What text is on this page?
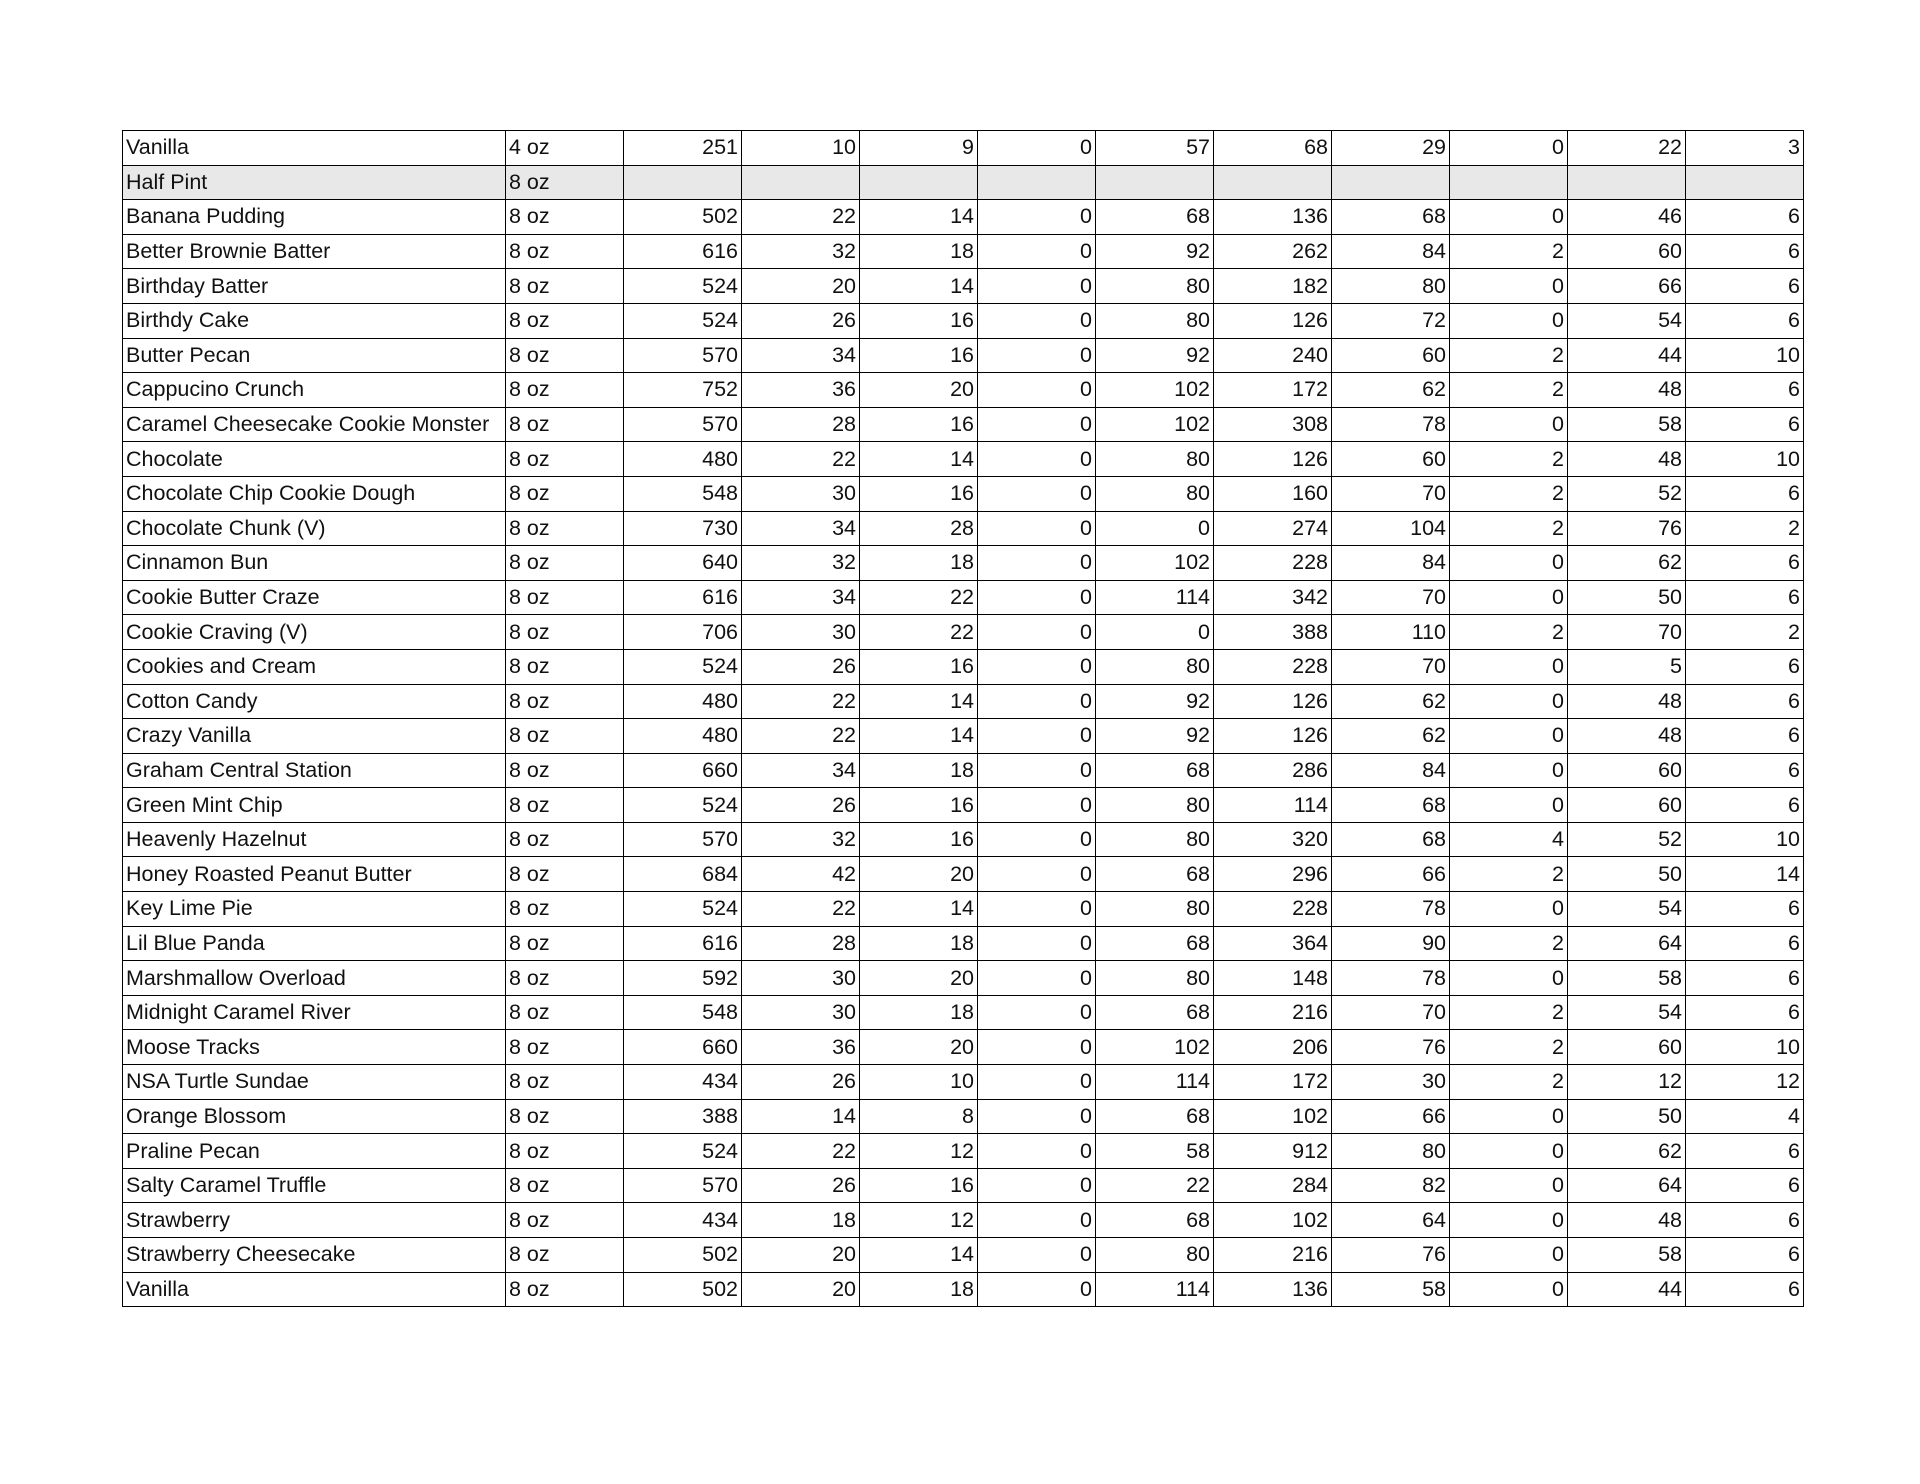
Vanilla	4 oz	251	10	9	0	57	68	29	0	22	3
Half Pint	8 oz										
Banana Pudding	8 oz	502	22	14	0	68	136	68	0	46	6
Better Brownie Batter	8 oz	616	32	18	0	92	262	84	2	60	6
Birthday Batter	8 oz	524	20	14	0	80	182	80	0	66	6
Birthdy Cake	8 oz	524	26	16	0	80	126	72	0	54	6
Butter Pecan	8 oz	570	34	16	0	92	240	60	2	44	10
Cappucino Crunch	8 oz	752	36	20	0	102	172	62	2	48	6
Caramel Cheesecake Cookie Monster	8 oz	570	28	16	0	102	308	78	0	58	6
Chocolate	8 oz	480	22	14	0	80	126	60	2	48	10
Chocolate Chip Cookie Dough	8 oz	548	30	16	0	80	160	70	2	52	6
Chocolate Chunk (V)	8 oz	730	34	28	0	0	274	104	2	76	2
Cinnamon Bun	8 oz	640	32	18	0	102	228	84	0	62	6
Cookie Butter Craze	8 oz	616	34	22	0	114	342	70	0	50	6
Cookie Craving (V)	8 oz	706	30	22	0	0	388	110	2	70	2
Cookies and Cream	8 oz	524	26	16	0	80	228	70	0	5	6
Cotton Candy	8 oz	480	22	14	0	92	126	62	0	48	6
Crazy Vanilla	8 oz	480	22	14	0	92	126	62	0	48	6
Graham Central Station	8 oz	660	34	18	0	68	286	84	0	60	6
Green Mint Chip	8 oz	524	26	16	0	80	114	68	0	60	6
Heavenly Hazelnut	8 oz	570	32	16	0	80	320	68	4	52	10
Honey Roasted Peanut Butter	8 oz	684	42	20	0	68	296	66	2	50	14
Key Lime Pie	8 oz	524	22	14	0	80	228	78	0	54	6
Lil Blue Panda	8 oz	616	28	18	0	68	364	90	2	64	6
Marshmallow Overload	8 oz	592	30	20	0	80	148	78	0	58	6
Midnight Caramel River	8 oz	548	30	18	0	68	216	70	2	54	6
Moose Tracks	8 oz	660	36	20	0	102	206	76	2	60	10
NSA Turtle Sundae	8 oz	434	26	10	0	114	172	30	2	12	12
Orange Blossom	8 oz	388	14	8	0	68	102	66	0	50	4
Praline Pecan	8 oz	524	22	12	0	58	912	80	0	62	6
Salty Caramel Truffle	8 oz	570	26	16	0	22	284	82	0	64	6
Strawberry	8 oz	434	18	12	0	68	102	64	0	48	6
Strawberry Cheesecake	8 oz	502	20	14	0	80	216	76	0	58	6
Vanilla	8 oz	502	20	18	0	114	136	58	0	44	6
